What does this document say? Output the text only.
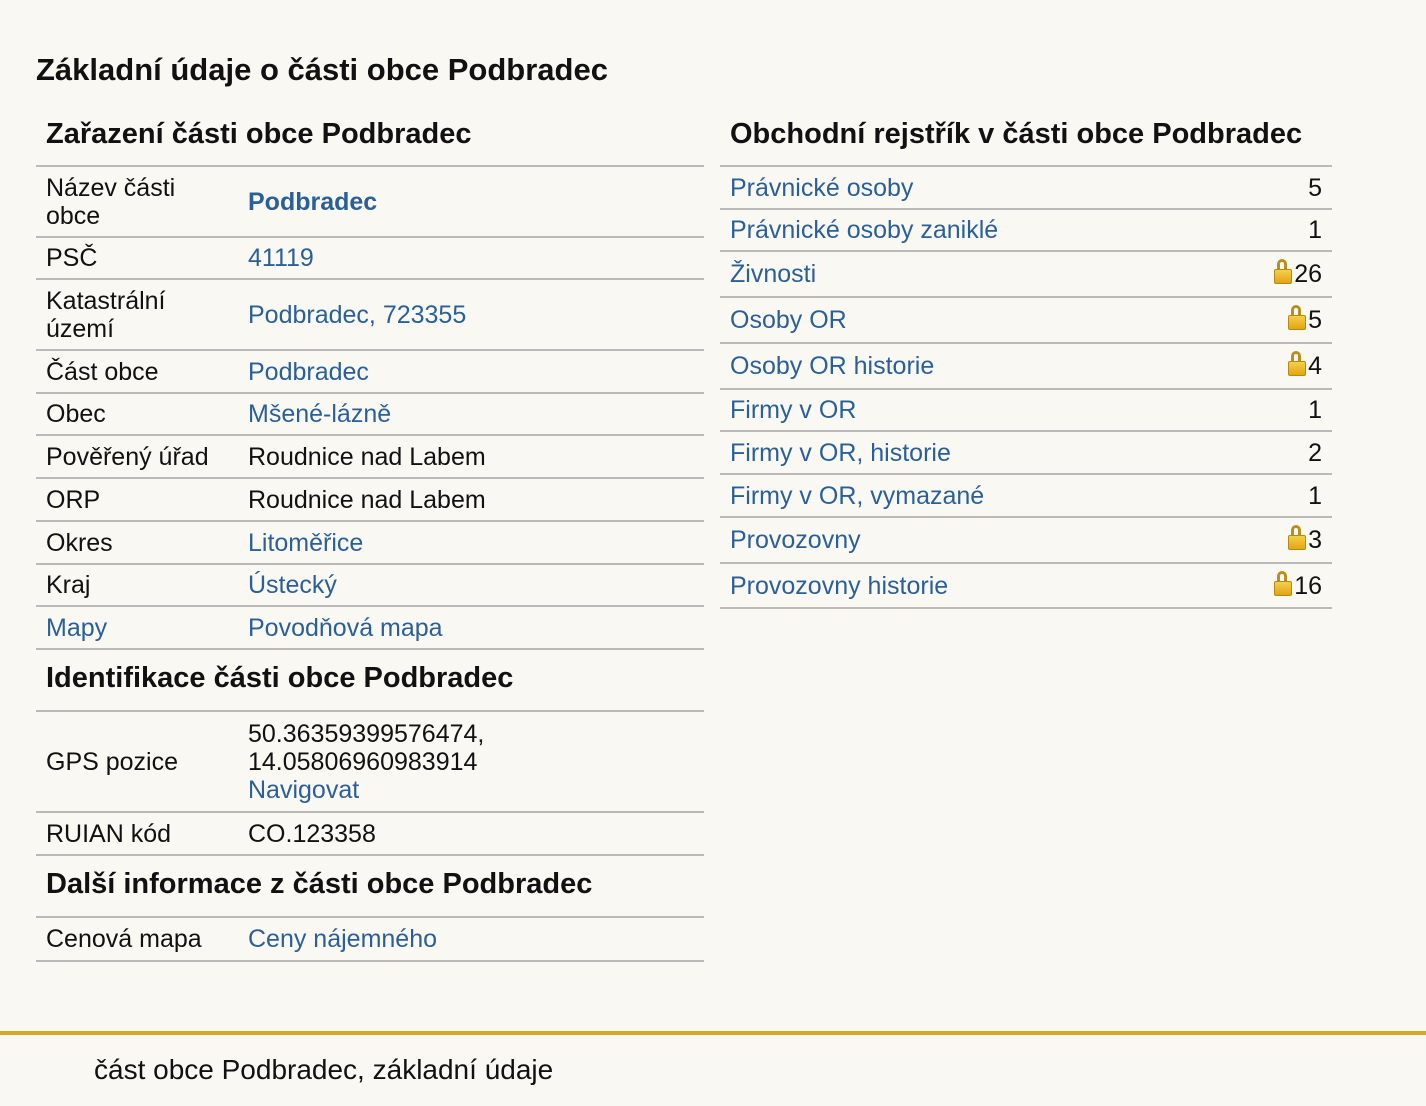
Základní údaje o části obce Podbradec
Zařazení části obce Podbradec
Název části obce	Podbradec
PSČ	41119
Katastrální území	Podbradec, 723355
Část obce	Podbradec
Obec	Mšené-lázně
Pověřený úřad	Roudnice nad Labem
ORP	Roudnice nad Labem
Okres	Litoměřice
Kraj	Ústecký
Mapy	Povodňová mapa
Identifikace části obce Podbradec
GPS pozice	50.36359399576474,
14.05806960983914
Navigovat
RUIAN kód	CO.123358
Další informace z části obce Podbradec
Cenová mapa	Ceny nájemného
Obchodní rejstřík v části obce Podbradec
Právnické osoby	5
Právnické osoby zaniklé	1
Živnosti	26
Osoby OR	5
Osoby OR historie	4
Firmy v OR	1
Firmy v OR, historie	2
Firmy v OR, vymazané	1
Provozovny	3
Provozovny historie	16
část obce Podbradec, základní údaje
